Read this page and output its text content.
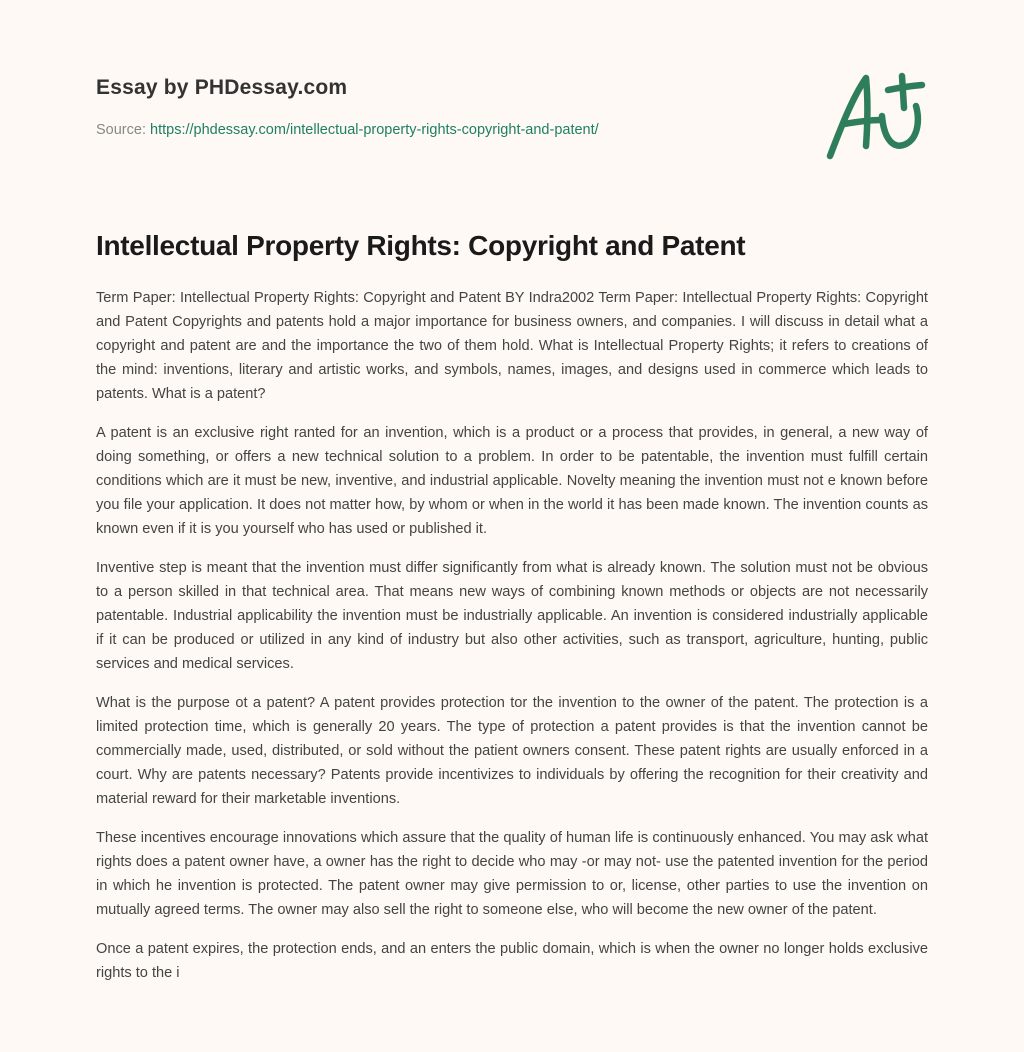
Essay by PHDessay.com
Source: https://phdessay.com/intellectual-property-rights-copyright-and-patent/
Intellectual Property Rights: Copyright and Patent

Term Paper: Intellectual Property Rights: Copyright and Patent BY Indra2002 Term Paper: Intellectual Property Rights: Copyright and Patent Copyrights and patents hold a major importance for business owners, and companies. I will discuss in detail what a copyright and patent are and the importance the two of them hold. What is Intellectual Property Rights; it refers to creations of the mind: inventions, literary and artistic works, and symbols, names, images, and designs used in commerce which leads to patents. What is a patent?

A patent is an exclusive right ranted for an invention, which is a product or a process that provides, in general, a new way of doing something, or offers a new technical solution to a problem. In order to be patentable, the invention must fulfill certain conditions which are it must be new, inventive, and industrial applicable. Novelty meaning the invention must not e known before you file your application. It does not matter how, by whom or when in the world it has been made known. The invention counts as known even if it is you yourself who has used or published it.

Inventive step is meant that the invention must differ significantly from what is already known. The solution must not be obvious to a person skilled in that technical area. That means new ways of combining known methods or objects are not necessarily patentable. Industrial applicability the invention must be industrially applicable. An invention is considered industrially applicable if it can be produced or utilized in any kind of industry but also other activities, such as transport, agriculture, hunting, public services and medical services.

What is the purpose ot a patent? A patent provides protection tor the invention to the owner of the patent. The protection is a limited protection time, which is generally 20 years. The type of protection a patent provides is that the invention cannot be commercially made, used, distributed, or sold without the patient owners consent. These patent rights are usually enforced in a court. Why are patents necessary? Patents provide incentivizes to individuals by offering the recognition for their creativity and material reward for their marketable inventions.

These incentives encourage innovations which assure that the quality of human life is continuously enhanced. You may ask what rights does a patent owner have, a owner has the right to decide who may -or may not- use the patented invention for the period in which he invention is protected. The patent owner may give permission to or, license, other parties to use the invention on mutually agreed terms. The owner may also sell the right to someone else, who will become the new owner of the patent.

Once a patent expires, the protection ends, and an enters the public domain, which is when the owner no longer holds exclusive rights to the i
